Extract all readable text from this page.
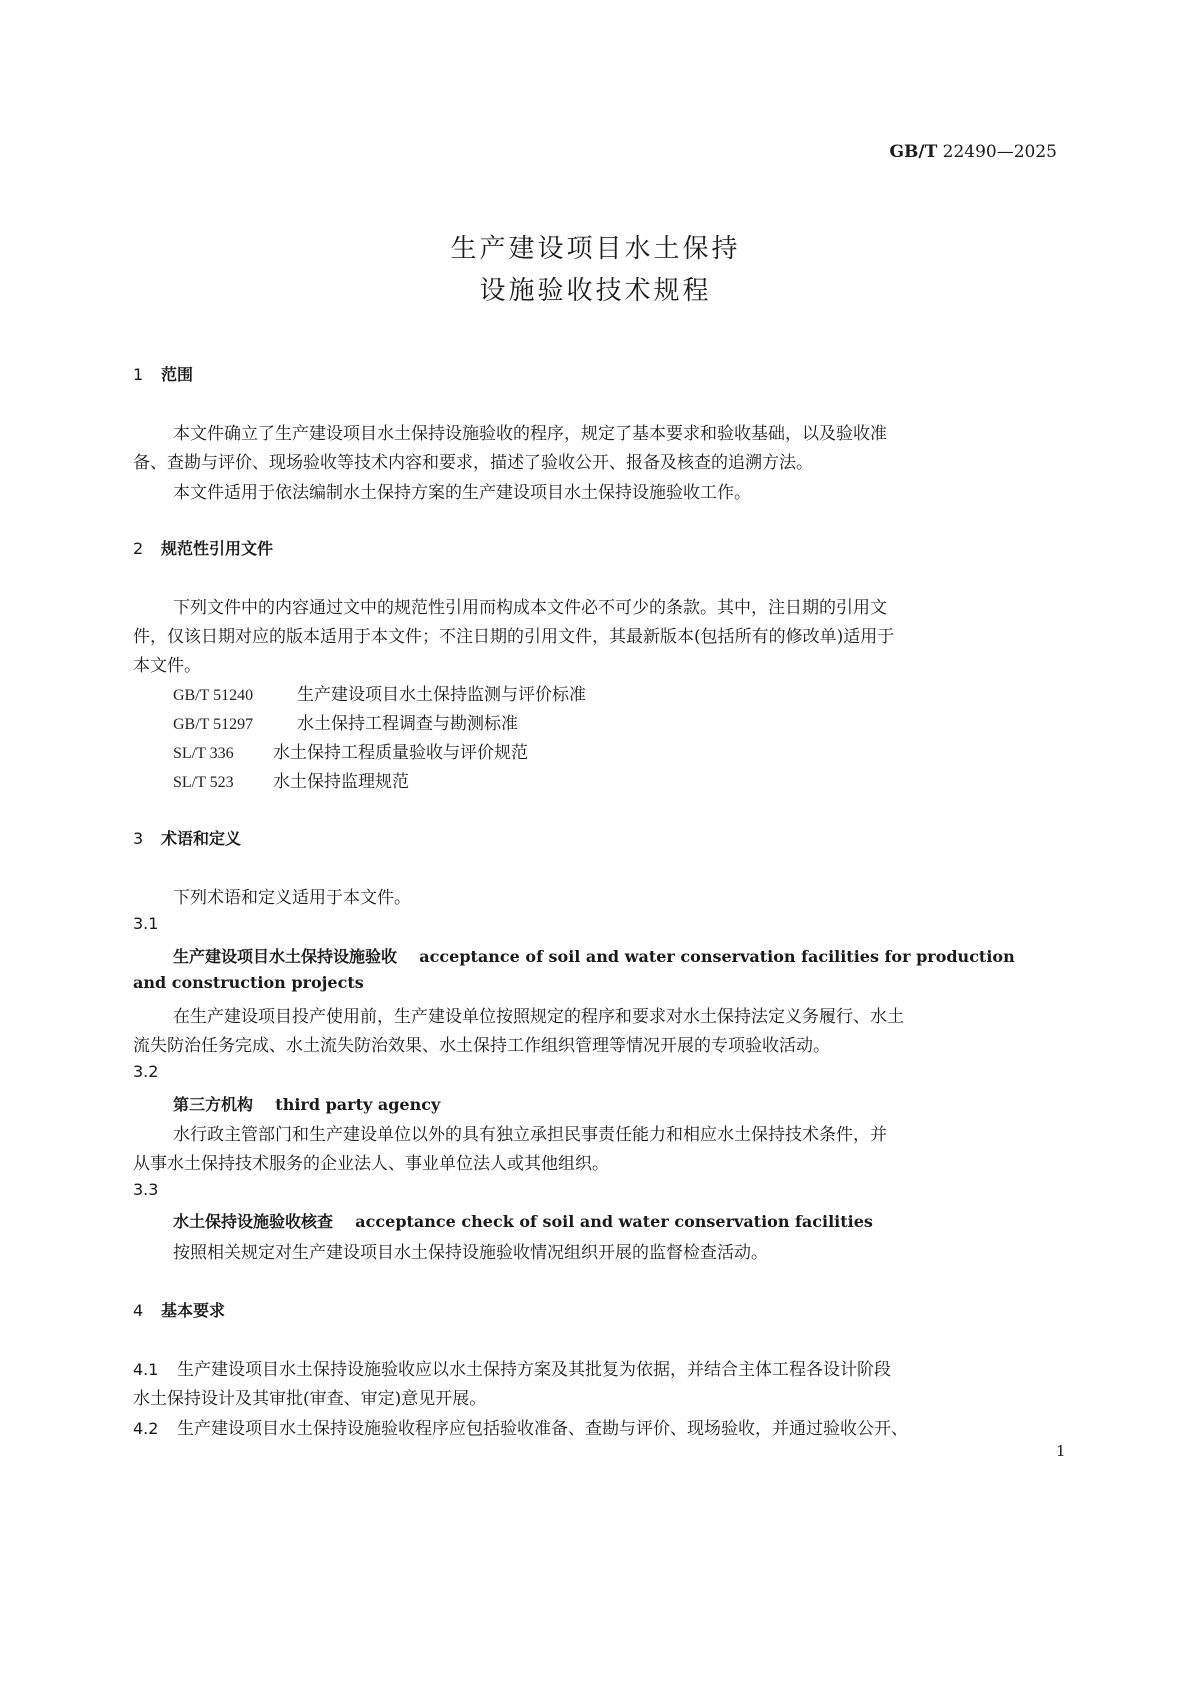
GB/T 22490—2025
生产建设项目水土保持
设施验收技术规程
1 范围
本文件确立了生产建设项目水土保持设施验收的程序，规定了基本要求和验收基础，以及验收准
备、查勘与评价、现场验收等技术内容和要求，描述了验收公开、报备及核查的追溯方法。
本文件适用于依法编制水土保持方案的生产建设项目水土保持设施验收工作。
2 规范性引用文件
下列文件中的内容通过文中的规范性引用而构成本文件必不可少的条款。其中，注日期的引用文
件，仅该日期对应的版本适用于本文件；不注日期的引用文件，其最新版本(包括所有的修改单)适用于
本文件。
GB/T 51240	生产建设项目水土保持监测与评价标准
GB/T 51297	水土保持工程调查与勘测标准
SL/T 336 水土保持工程质量验收与评价规范
SL/T 523 水土保持监理规范
3 术语和定义
下列术语和定义适用于本文件。
3.1
生产建设项目水土保持设施验收 acceptance of soil and water conservation facilities for production
and construction projects
在生产建设项目投产使用前，生产建设单位按照规定的程序和要求对水土保持法定义务履行、水土
流失防治任务完成、水土流失防治效果、水土保持工作组织管理等情况开展的专项验收活动。
3.2
第三方机构 third party agency
水行政主管部门和生产建设单位以外的具有独立承担民事责任能力和相应水土保持技术条件，并
从事水土保持技术服务的企业法人、事业单位法人或其他组织。
3.3
水土保持设施验收核查 acceptance check of soil and water conservation facilities
按照相关规定对生产建设项目水土保持设施验收情况组织开展的监督检查活动。
4 基本要求
4.1 生产建设项目水土保持设施验收应以水土保持方案及其批复为依据，并结合主体工程各设计阶段
水土保持设计及其审批(审查、审定)意见开展。
4.2 生产建设项目水土保持设施验收程序应包括验收准备、查勘与评价、现场验收，并通过验收公开、
1
